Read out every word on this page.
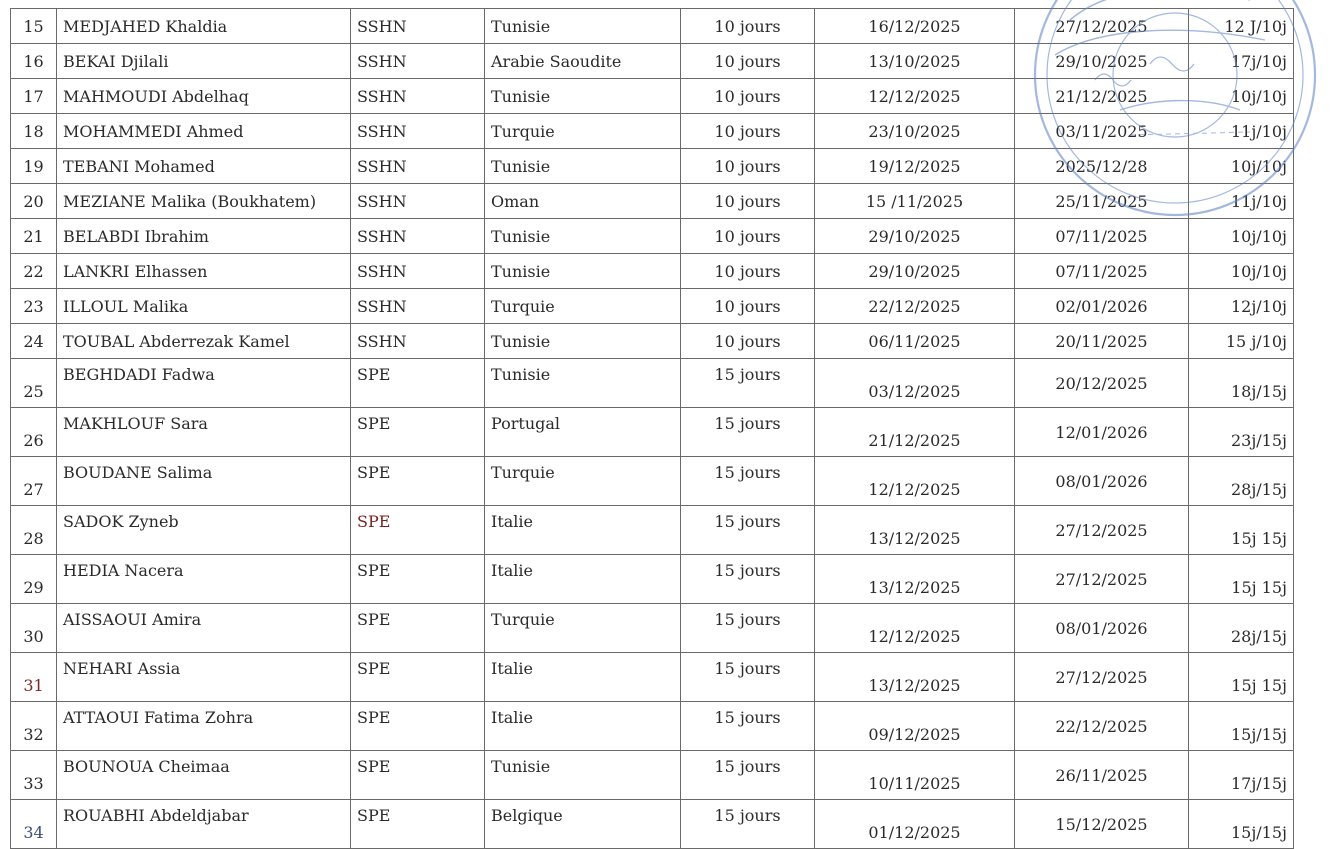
15	MEDJAHED Khaldia	SSHN	Tunisie	10 jours	16/12/2025	27/12/2025	12 J/10j
16	BEKAI Djilali	SSHN	Arabie Saoudite	10 jours	13/10/2025	29/10/2025	17j/10j
17	MAHMOUDI Abdelhaq	SSHN	Tunisie	10 jours	12/12/2025	21/12/2025	10j/10j
18	MOHAMMEDI Ahmed	SSHN	Turquie	10 jours	23/10/2025	03/11/2025	11j/10j
19	TEBANI Mohamed	SSHN	Tunisie	10 jours	19/12/2025	2025/12/28	10j/10j
20	MEZIANE Malika (Boukhatem)	SSHN	Oman	10 jours	15 /11/2025	25/11/2025	11j/10j
21	BELABDI Ibrahim	SSHN	Tunisie	10 jours	29/10/2025	07/11/2025	10j/10j
22	LANKRI Elhassen	SSHN	Tunisie	10 jours	29/10/2025	07/11/2025	10j/10j
23	ILLOUL Malika	SSHN	Turquie	10 jours	22/12/2025	02/01/2026	12j/10j
24	TOUBAL Abderrezak Kamel	SSHN	Tunisie	10 jours	06/11/2025	20/11/2025	15 j/10j
25	BEGHDADI Fadwa	SPE	Tunisie	15 jours	03/12/2025	20/12/2025	18j/15j
26	MAKHLOUF Sara	SPE	Portugal	15 jours	21/12/2025	12/01/2026	23j/15j
27	BOUDANE Salima	SPE	Turquie	15 jours	12/12/2025	08/01/2026	28j/15j
28	SADOK Zyneb	SPE	Italie	15 jours	13/12/2025	27/12/2025	15j 15j
29	HEDIA Nacera	SPE	Italie	15 jours	13/12/2025	27/12/2025	15j 15j
30	AISSAOUI Amira	SPE	Turquie	15 jours	12/12/2025	08/01/2026	28j/15j
31	NEHARI Assia	SPE	Italie	15 jours	13/12/2025	27/12/2025	15j 15j
32	ATTAOUI Fatima Zohra	SPE	Italie	15 jours	09/12/2025	22/12/2025	15j/15j
33	BOUNOUA Cheimaa	SPE	Tunisie	15 jours	10/11/2025	26/11/2025	17j/15j
34	ROUABHI Abdeldjabar	SPE	Belgique	15 jours	01/12/2025	15/12/2025	15j/15j
